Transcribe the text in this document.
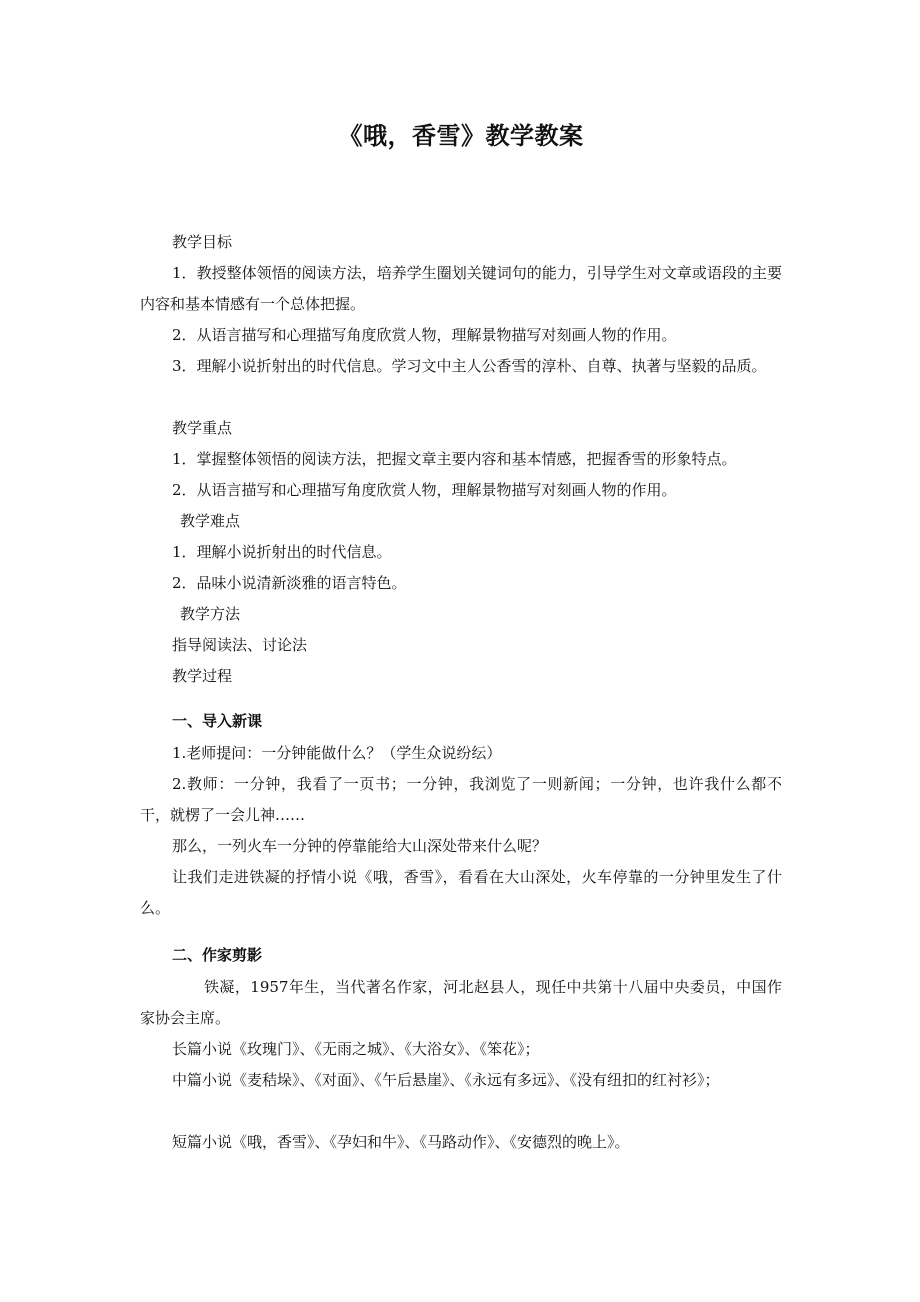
《哦，香雪》教学教案
教学目标
1．教授整体领悟的阅读方法，培养学生圈划关键词句的能力，引导学生对文章或语段的主要内容和基本情感有一个总体把握。
2．从语言描写和心理描写角度欣赏人物，理解景物描写对刻画人物的作用。
3．理解小说折射出的时代信息。学习文中主人公香雪的淳朴、自尊、执著与坚毅的品质。
教学重点
1．掌握整体领悟的阅读方法，把握文章主要内容和基本情感，把握香雪的形象特点。
2．从语言描写和心理描写角度欣赏人物，理解景物描写对刻画人物的作用。
教学难点
1．理解小说折射出的时代信息。
2．品味小说清新淡雅的语言特色。
教学方法
指导阅读法、讨论法
教学过程
一、导入新课
1.老师提问：一分钟能做什么？（学生众说纷纭）
2.教师：一分钟，我看了一页书；一分钟，我浏览了一则新闻；一分钟，也许我什么都不干，就楞了一会儿神……
那么，一列火车一分钟的停靠能给大山深处带来什么呢？
让我们走进铁凝的抒情小说《哦，香雪》，看看在大山深处，火车停靠的一分钟里发生了什么。
二、作家剪影
铁凝，1957年生，当代著名作家，河北赵县人，现任中共第十八届中央委员，中国作家协会主席。
长篇小说《玫瑰门》、《无雨之城》、《大浴女》、《笨花》；
中篇小说《麦秸垛》、《对面》、《午后悬崖》、《永远有多远》、《没有纽扣的红衬衫》；
短篇小说《哦，香雪》、《孕妇和牛》、《马路动作》、《安德烈的晚上》。
